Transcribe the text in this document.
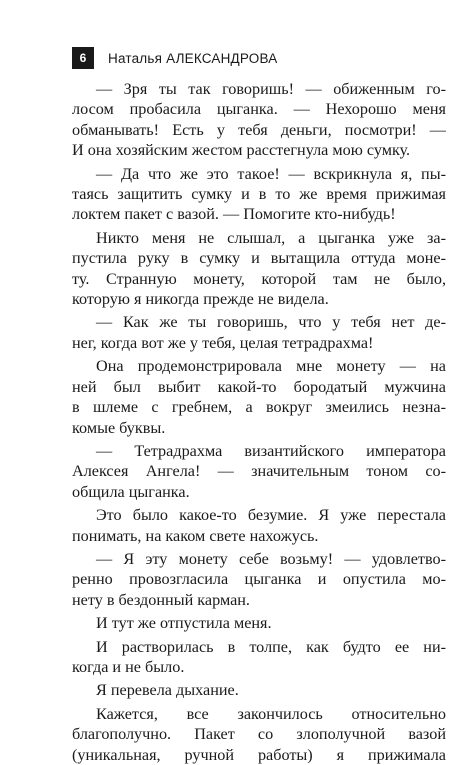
6	Наталья АЛЕКСАНДРОВА

— Зря ты так говоришь! — обиженным го-
лосом пробасила цыганка. — Нехорошо меня
обманывать! Есть у тебя деньги, посмотри! —
И она хозяйским жестом расстегнула мою сумку.

— Да что же это такое! — вскрикнула я, пы-
таясь защитить сумку и в то же время прижимая
локтем пакет с вазой. — Помогите кто-нибудь!

Никто меня не слышал, а цыганка уже за-
пустила руку в сумку и вытащила оттуда моне-
ту. Странную монету, которой там не было,
которую я никогда прежде не видела.

— Как же ты говоришь, что у тебя нет де-
нег, когда вот же у тебя, целая тетрадрахма!

Она продемонстрировала мне монету — на
ней был выбит какой-то бородатый мужчина
в шлеме с гребнем, а вокруг змеились незна-
комые буквы.

— Тетрадрахма византийского императора
Алексея Ангела! — значительным тоном со-
общила цыганка.

Это было какое-то безумие. Я уже перестала
понимать, на каком свете нахожусь.

— Я эту монету себе возьму! — удовлетво-
ренно провозгласила цыганка и опустила мо-
нету в бездонный карман.

И тут же отпустила меня.

И растворилась в толпе, как будто ее ни-
когда и не было.

Я перевела дыхание.

Кажется, все закончилось относительно
благополучно. Пакет со злополучной вазой
(уникальная, ручной работы) я прижимала
